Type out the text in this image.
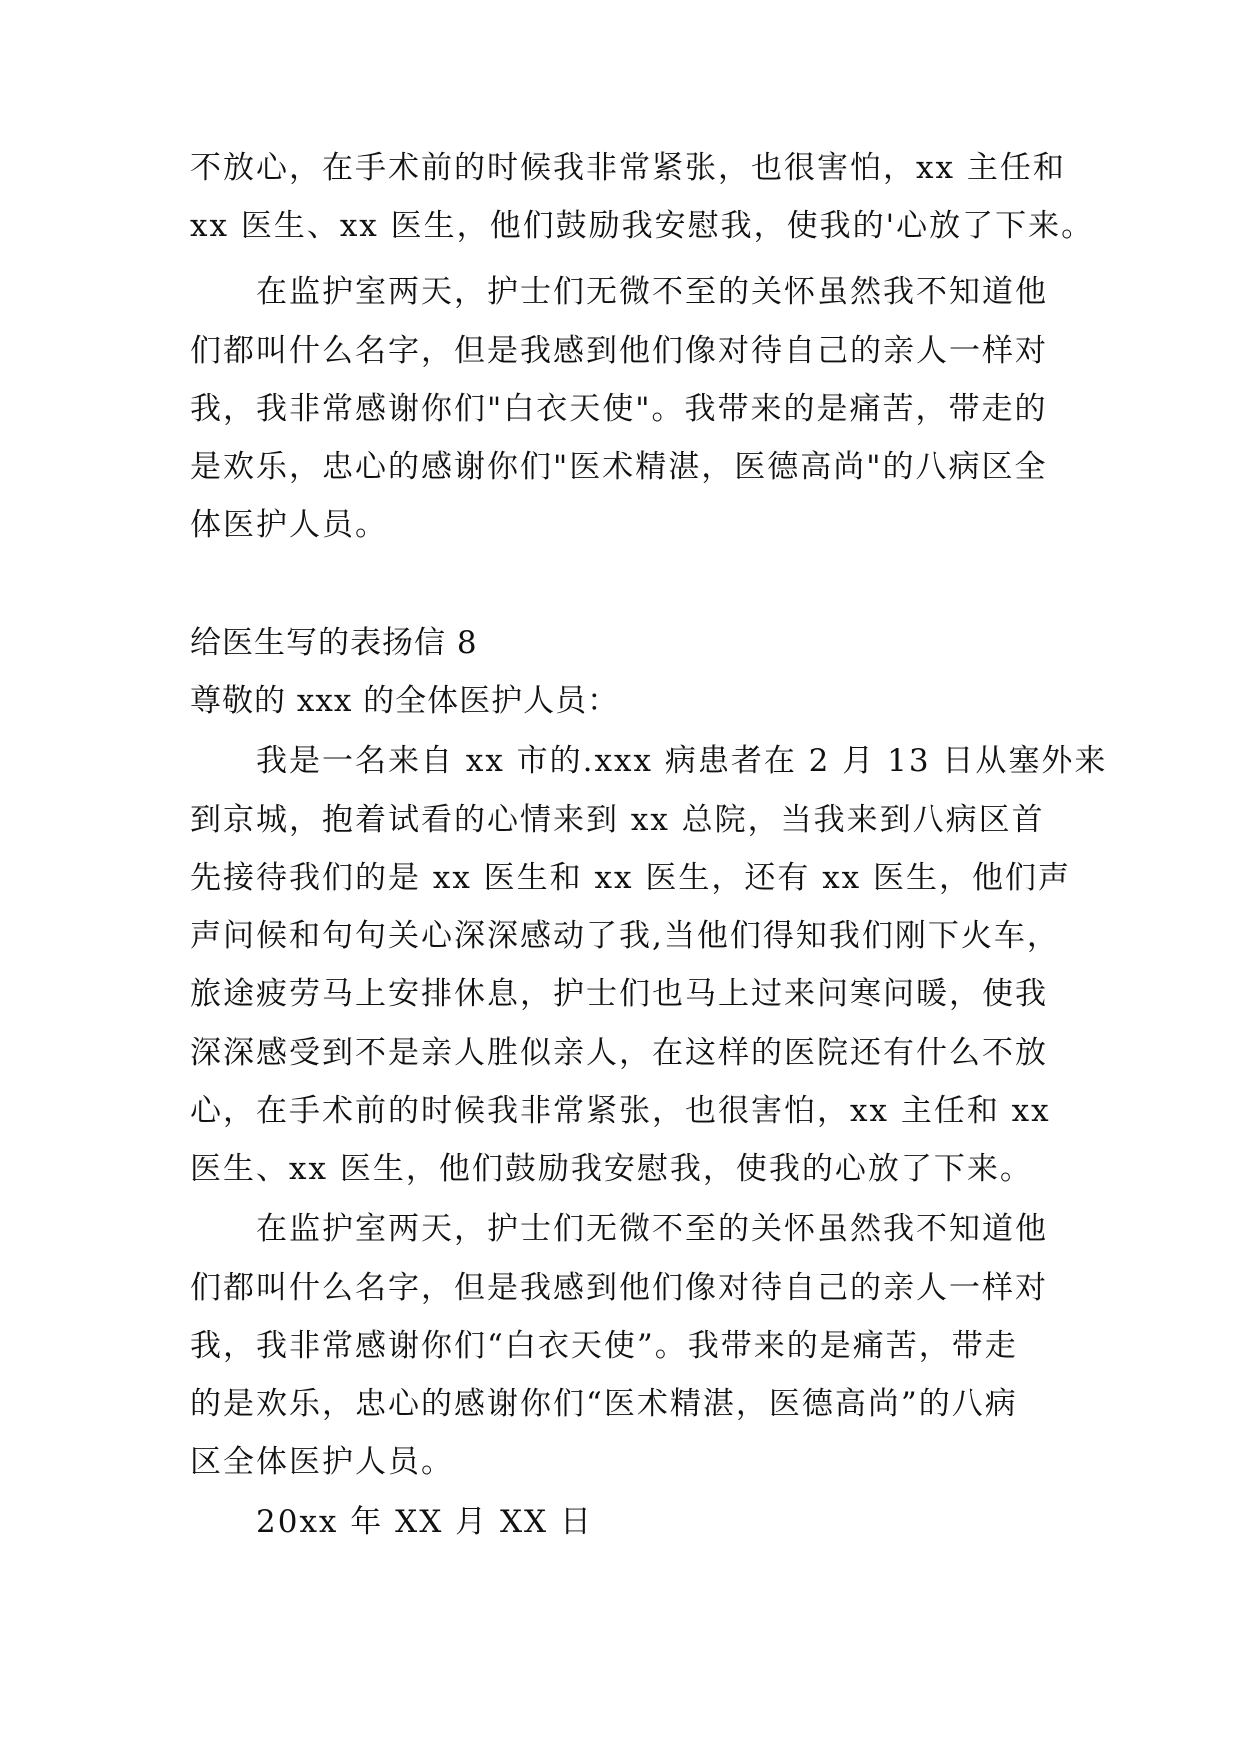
不放心，在手术前的时候我非常紧张，也很害怕，xx 主任和
xx 医生、xx 医生，他们鼓励我安慰我，使我的'心放了下来。
在监护室两天，护士们无微不至的关怀虽然我不知道他
们都叫什么名字，但是我感到他们像对待自己的亲人一样对
我，我非常感谢你们"白衣天使"。我带来的是痛苦，带走的
是欢乐，忠心的感谢你们"医术精湛，医德高尚"的八病区全
体医护人员。
给医生写的表扬信 8
尊敬的 xxx 的全体医护人员：
我是一名来自 xx 市的.xxx 病患者在 2 月 13 日从塞外来
到京城，抱着试看的心情来到 xx 总院，当我来到八病区首
先接待我们的是 xx 医生和 xx 医生，还有 xx 医生，他们声
声问候和句句关心深深感动了我,当他们得知我们刚下火车，
旅途疲劳马上安排休息，护士们也马上过来问寒问暖，使我
深深感受到不是亲人胜似亲人，在这样的医院还有什么不放
心，在手术前的时候我非常紧张，也很害怕，xx 主任和 xx
医生、xx 医生，他们鼓励我安慰我，使我的心放了下来。
在监护室两天，护士们无微不至的关怀虽然我不知道他
们都叫什么名字，但是我感到他们像对待自己的亲人一样对
我，我非常感谢你们“白衣天使”。我带来的是痛苦，带走
的是欢乐，忠心的感谢你们“医术精湛，医德高尚”的八病
区全体医护人员。
20xx 年 XX 月 XX 日
